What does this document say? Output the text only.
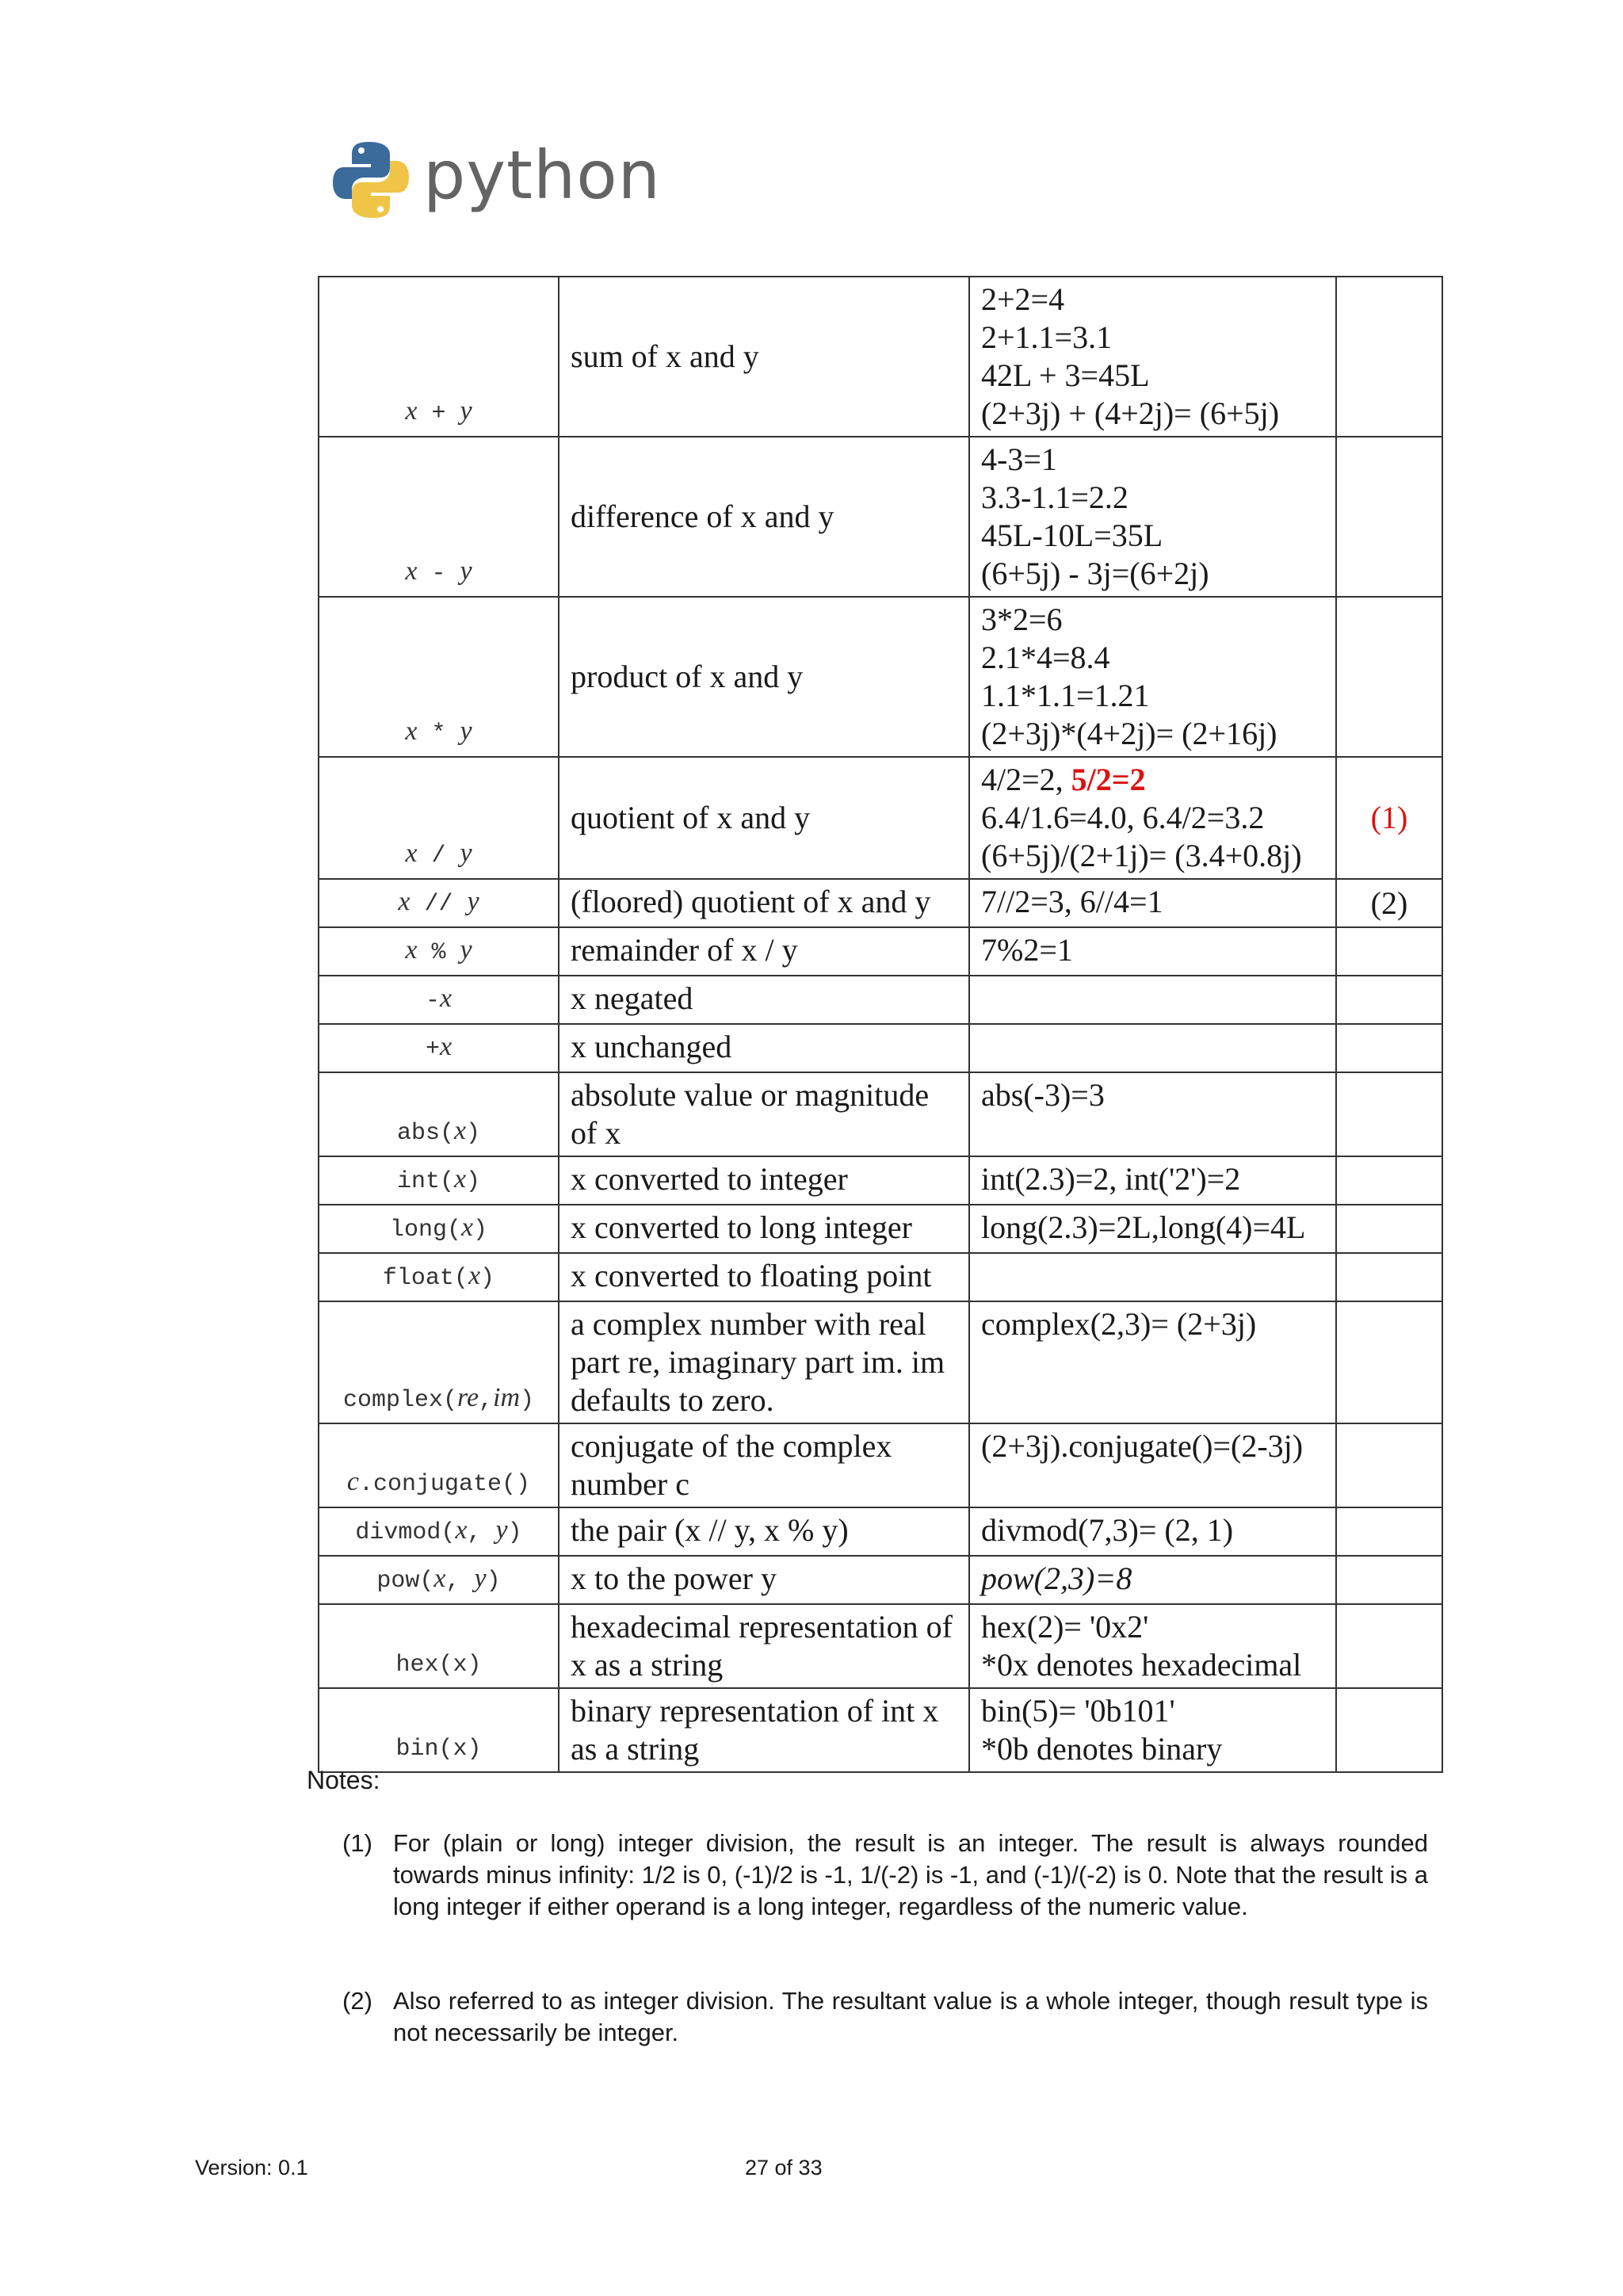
python
x + y	sum of x and y	2+2=4
2+1.1=3.1
42L + 3=45L
(2+3j) + (4+2j)= (6+5j)	

x - y	difference of x and y	4-3=1
3.3-1.1=2.2
45L-10L=35L
(6+5j) - 3j=(6+2j)	

x * y	product of x and y	3*2=6
2.1*4=8.4
1.1*1.1=1.21
(2+3j)*(4+2j)= (2+16j)	

x / y	quotient of x and y	4/2=2, 5/2=2
6.4/1.6=4.0, 6.4/2=3.2
(6+5j)/(2+1j)= (3.4+0.8j)	(1)
x // y	(floored) quotient of x and y	7//2=3, 6//4=1	(2)
x % y	remainder of x / y	7%2=1	
-x	x negated		
+x	x unchanged		
abs(x)	absolute value or magnitude of x	abs(-3)=3	
int(x)	x converted to integer	int(2.3)=2, int('2')=2	
long(x)	x converted to long integer	long(2.3)=2L,long(4)=4L	
float(x)	x converted to floating point		
complex(re,im)	a complex number with real part re, imaginary part im. im defaults to zero.	complex(2,3)= (2+3j)	
c.conjugate()	conjugate of the complex number c	(2+3j).conjugate()=(2-3j)	
divmod(x, y)	the pair (x // y, x % y)	divmod(7,3)= (2, 1)	
pow(x, y)	x to the power y	pow(2,3)=8	
hex(x)	hexadecimal representation of x as a string	hex(2)= '0x2'
*0x denotes hexadecimal	

bin(x)	binary representation of int x as a string	bin(5)= '0b101'
*0b denotes binary	

Notes:
(1) For (plain or long) integer division, the result is an integer. The result is always rounded towards minus infinity: 1/2 is 0, (-1)/2 is -1, 1/(-2) is -1, and (-1)/(-2) is 0. Note that the result is a long integer if either operand is a long integer, regardless of the numeric value.
(2) Also referred to as integer division. The resultant value is a whole integer, though result type is not necessarily be integer.
Version: 0.1	27 of 33
